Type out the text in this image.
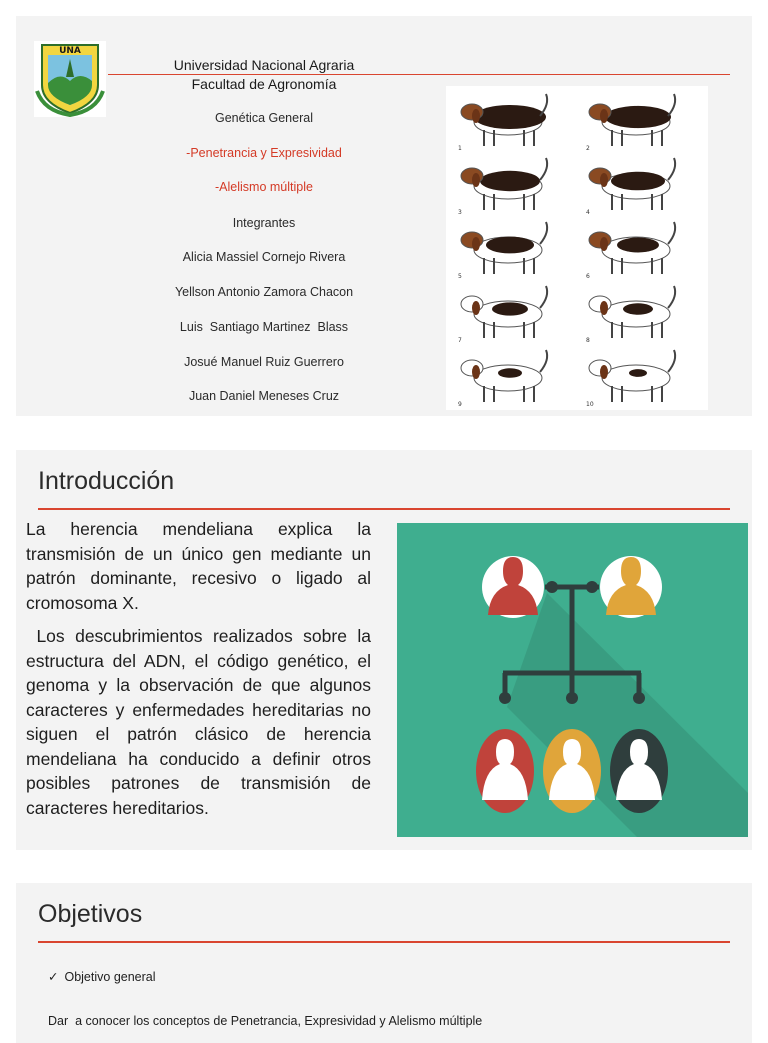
UNA
Universidad Nacional Agraria
Facultad de Agronomía
Genética General
-Penetrancia y Expresividad
-Alelismo múltiple
Integrantes
Alicia Massiel Cornejo Rivera
Yellson Antonio Zamora Chacon
Luis  Santiago Martinez  Blass
Josué Manuel Ruiz Guerrero
Juan Daniel Meneses Cruz
1	2
3	4
5	6
7	8
9	10
Introducción

La herencia mendeliana explica la transmisión de un único gen mediante un patrón dominante, recesivo o ligado al cromosoma X.

Los descubrimientos realizados sobre la estructura del ADN, el código genético, el genoma y la observación de que algunos caracteres y enfermedades hereditarias no siguen el patrón clásico de herencia mendeliana ha conducido a definir otros posibles patrones de transmisión de caracteres hereditarios.

Objetivos
✓ Objetivo general
Dar  a conocer los conceptos de Penetrancia, Expresividad y Alelismo múltiple
